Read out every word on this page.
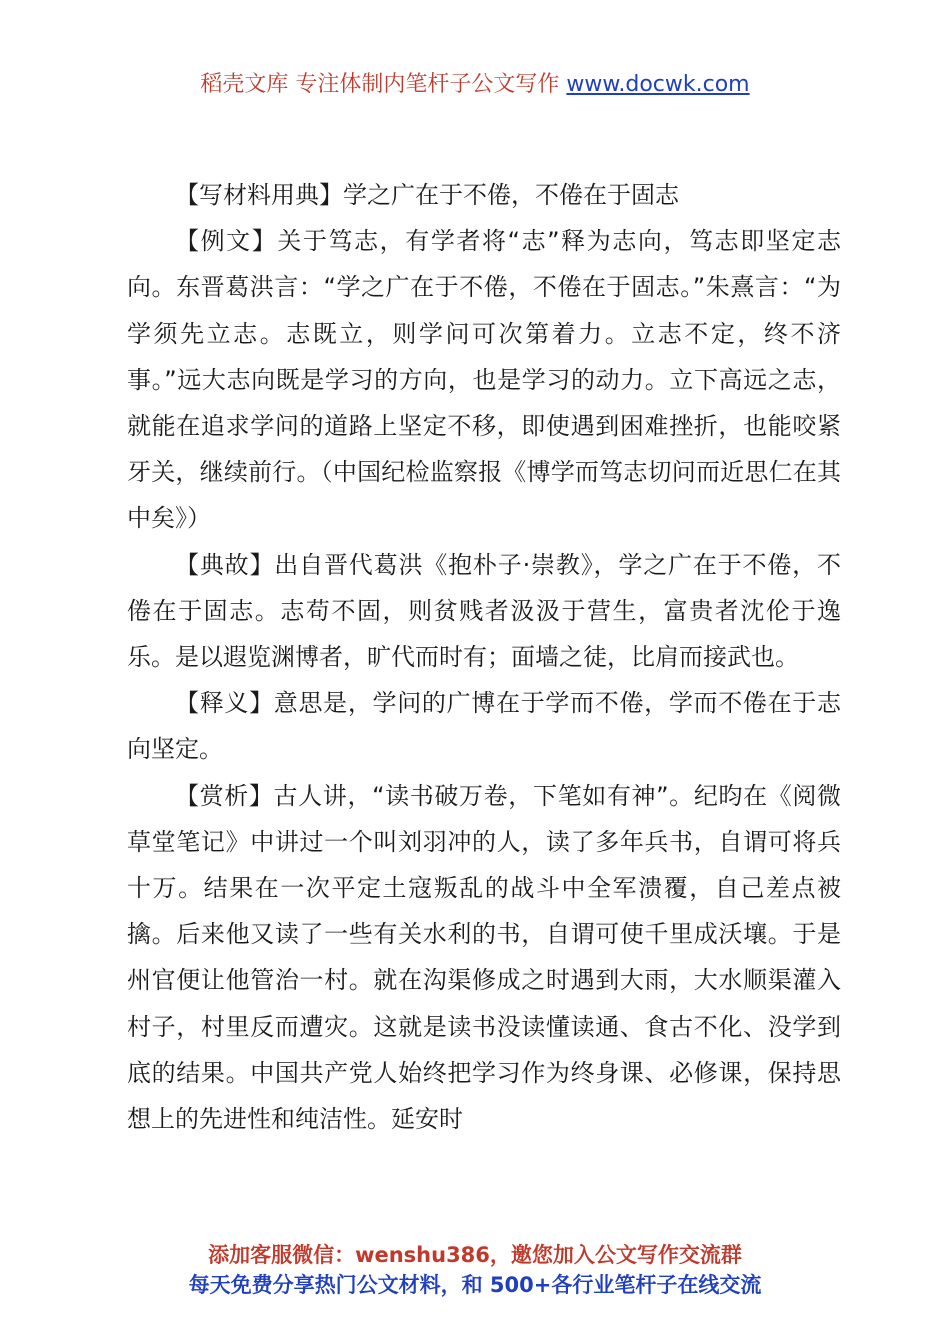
稻壳文库 专注体制内笔杆子公文写作 www.docwk.com

【写材料用典】学之广在于不倦，不倦在于固志

【例文】关于笃志，有学者将“志”释为志向，笃志即坚定志向。东晋葛洪言：“学之广在于不倦，不倦在于固志。”朱熹言：“为学须先立志。志既立，则学问可次第着力。立志不定，终不济事。”远大志向既是学习的方向，也是学习的动力。立下高远之志，就能在追求学问的道路上坚定不移，即使遇到困难挫折，也能咬紧牙关，继续前行。（中国纪检监察报《博学而笃志切问而近思仁在其中矣》）

【典故】出自晋代葛洪《抱朴子·崇教》，学之广在于不倦，不倦在于固志。志苟不固，则贫贱者汲汲于营生，富贵者沈伦于逸乐。是以遐览渊博者，旷代而时有；面墙之徒，比肩而接武也。

【释义】意思是，学问的广博在于学而不倦，学而不倦在于志向坚定。

【赏析】古人讲，“读书破万卷，下笔如有神”。纪昀在《阅微草堂笔记》中讲过一个叫刘羽冲的人，读了多年兵书，自谓可将兵十万。结果在一次平定土寇叛乱的战斗中全军溃覆，自己差点被擒。后来他又读了一些有关水利的书，自谓可使千里成沃壤。于是州官便让他管治一村。就在沟渠修成之时遇到大雨，大水顺渠灌入村子，村里反而遭灾。这就是读书没读懂读通、食古不化、没学到底的结果。中国共产党人始终把学习作为终身课、必修课，保持思想上的先进性和纯洁性。延安时

添加客服微信：wenshu386，邀您加入公文写作交流群
每天免费分享热门公文材料，和 500+各行业笔杆子在线交流
